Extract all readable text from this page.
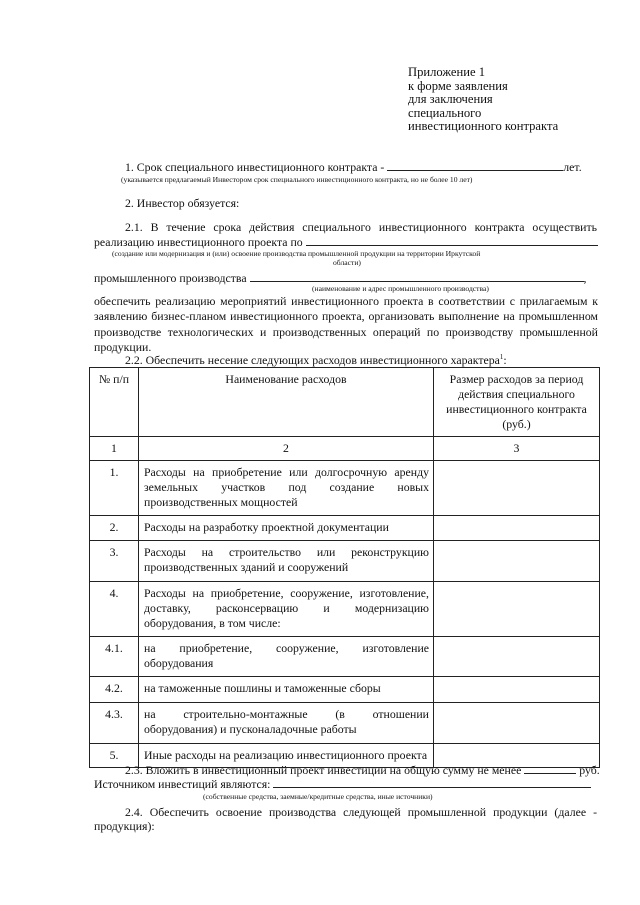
Приложение 1
к форме заявления
для заключения
специального
инвестиционного контракта
1. Срок специального инвестиционного контракта -	лет.
(указывается предлагаемый Инвестором срок специального инвестиционного контракта, но не более 10 лет)
2. Инвестор обязуется:
2.1. В течение срока действия специального инвестиционного контракта осуществить
реализацию инвестиционного проекта по
(создание или модернизация и (или) освоение производства промышленной продукции на территории Иркутской
области)
промышленного производства	,
(наименование и адрес промышленного производства)
обеспечить реализацию мероприятий инвестиционного проекта в соответствии с прилагаемым к
заявлению бизнес-планом инвестиционного проекта, организовать выполнение на промышленном
производстве технологических и производственных операций по производству промышленной
продукции.
2.2. Обеспечить несение следующих расходов инвестиционного характера$^1$:
№ п/п	Наименование расходов	Размер расходов за период
действия специального
инвестиционного контракта
(руб.)

1	2	3
1.	Расходы на приобретение или долгосрочную аренду
земельных участков под создание новых
производственных мощностей	

2.	Расходы на разработку проектной документации	

3.	Расходы на строительство или реконструкцию
производственных зданий и сооружений	

4.	Расходы на приобретение, сооружение, изготовление,
доставку, расконсервацию и модернизацию
оборудования, в том числе:	

4.1.	на приобретение, сооружение, изготовление
оборудования	

4.2.	на таможенные пошлины и таможенные сборы	

4.3.	на строительно-монтажные (в отношении
оборудования) и пусконаладочные работы	

5.	Иные расходы на реализацию инвестиционного проекта	

2.3. Вложить в инвестиционный проект инвестиции на общую сумму не менее	руб.
Источником инвестиций являются:
(собственные средства, заемные/кредитные средства, иные источники)
2.4. Обеспечить освоение производства следующей промышленной продукции (далее -
продукция):
